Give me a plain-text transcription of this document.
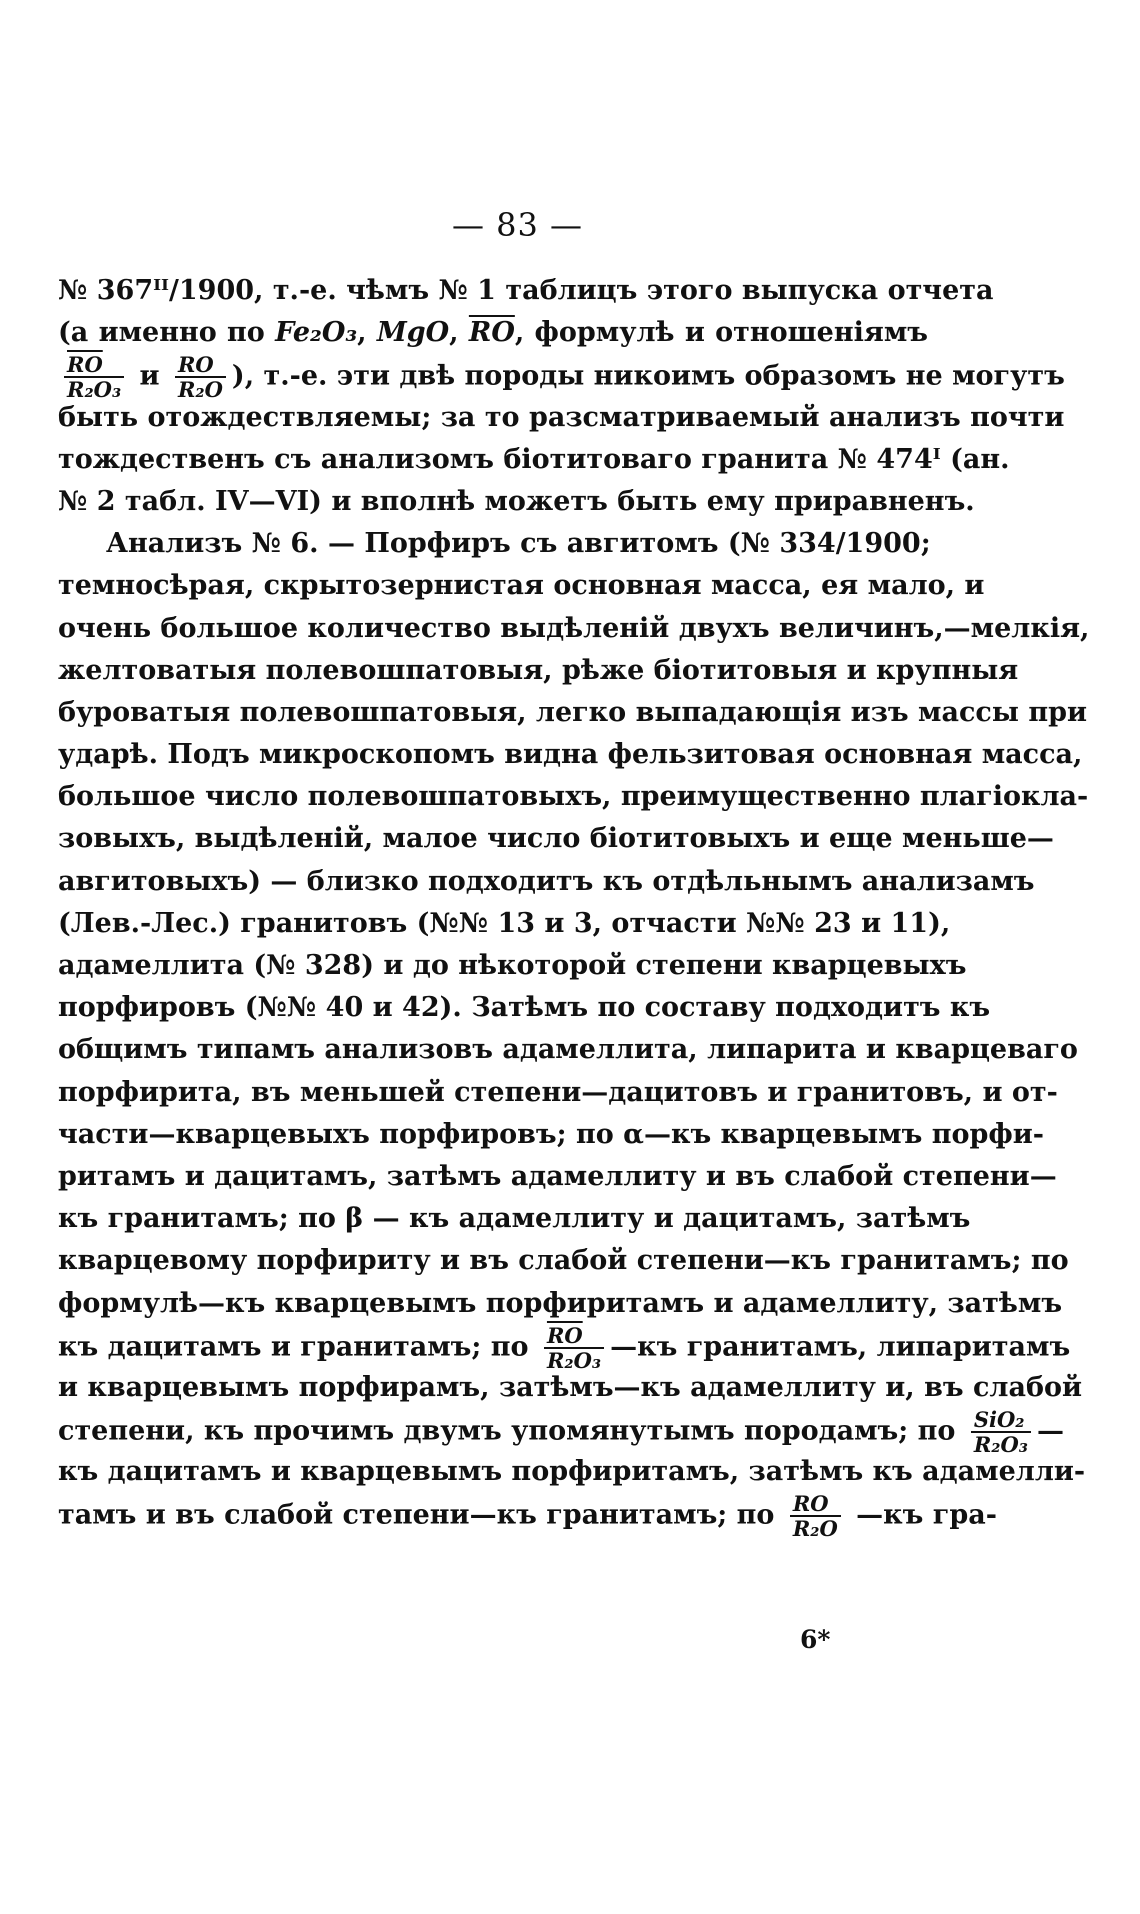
— 83 —
№ 367ᴵᴵ/1900, т.-е. чѣмъ № 1 таблицъ этого выпуска отчета
(а именно по Fe₂O₃, MgO, $\overline{RO}$, формулѣ и отношеніямъ
$\frac{\overline{RO}}{\text{R₂O₃}}$ и $\frac{RO}{\text{R₂O}}$ ), т.-е. эти двѣ породы никоимъ образомъ не могутъ
быть отождествляемы; за то разсматриваемый анализъ почти
тождественъ съ анализомъ біотитоваго гранита № 474ᴵ (ан.
№ 2 табл. IV—VI) и вполнѣ можетъ быть ему приравненъ.
Анализъ № 6. — Порфиръ съ авгитомъ (№ 334/1900;
темносѣрая, скрытозернистая основная масса, ея мало, и
очень большое количество выдѣленій двухъ величинъ,—мелкія,
желтоватыя полевошпатовыя, рѣже біотитовыя и крупныя
буроватыя полевошпатовыя, легко выпадающія изъ массы при
ударѣ. Подъ микроскопомъ видна фельзитовая основная масса,
большое число полевошпатовыхъ, преимущественно плагіокла-
зовыхъ, выдѣленій, малое число біотитовыхъ и еще меньше—
авгитовыхъ) — близко подходитъ къ отдѣльнымъ анализамъ
(Лев.-Лес.) гранитовъ (№№ 13 и 3, отчасти №№ 23 и 11),
адамеллита (№ 328) и до нѣкоторой степени кварцевыхъ
порфировъ (№№ 40 и 42). Затѣмъ по составу подходитъ къ
общимъ типамъ анализовъ адамеллита, липарита и кварцеваго
порфирита, въ меньшей степени—дацитовъ и гранитовъ, и от-
части—кварцевыхъ порфировъ; по α—къ кварцевымъ порфи-
ритамъ и дацитамъ, затѣмъ адамеллиту и въ слабой степени—
къ гранитамъ; по β — къ адамеллиту и дацитамъ, затѣмъ
кварцевому порфириту и въ слабой степени—къ гранитамъ; по
формулѣ—къ кварцевымъ порфиритамъ и адамеллиту, затѣмъ
къ дацитамъ и гранитамъ; по $\frac{\overline{RO}}{\text{R₂O₃}}$ —къ гранитамъ, липаритамъ
и кварцевымъ порфирамъ, затѣмъ—къ адамеллиту и, въ слабой
степени, къ прочимъ двумъ упомянутымъ породамъ; по $\frac{\text{SiO₂}}{\text{R₂O₃}}$ —
къ дацитамъ и кварцевымъ порфиритамъ, затѣмъ къ адамелли-
тамъ и въ слабой степени—къ гранитамъ; по $\frac{RO}{\text{R₂O}}$ —къ гра-
6*
